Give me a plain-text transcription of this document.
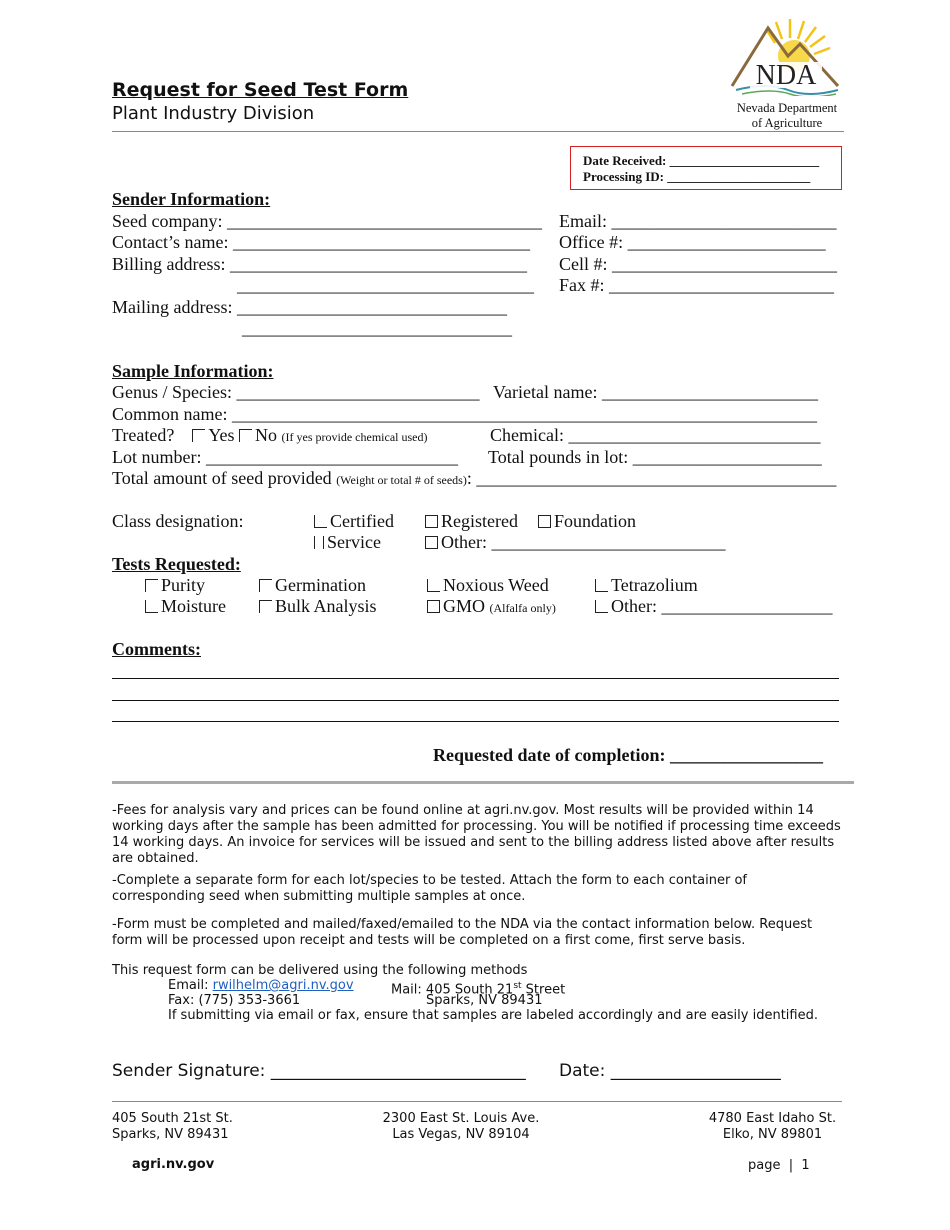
Request for Seed Test Form
Plant Industry Division
NDA
Nevada Department
of Agriculture
Date Received: _______________________
Processing ID: ______________________
Sender Information:
Seed company: ___________________________________
Contact’s name: _________________________________
Billing address: _________________________________
_________________________________
Mailing address: ______________________________
______________________________
Email: _________________________
Office #: ______________________
Cell #: _________________________
Fax #: _________________________
Sample Information:
Genus / Species: ___________________________ Varietal name: ________________________
Common name: _________________________________________________________________
Treated? Yes No (If yes provide chemical used)	Chemical: ____________________________
Lot number: ____________________________ Total pounds in lot: _____________________
Total amount of seed provided (Weight or total # of seeds): ________________________________________
Class designation:	Certified	Registered	Foundation
Service	Other: __________________________
Tests Requested:
Purity	Germination	Noxious Weed	Tetrazolium
Moisture	Bulk Analysis	GMO (Alfalfa only)	Other: ___________________
Comments:
Requested date of completion: _________________
-Fees for analysis vary and prices can be found online at agri.nv.gov. Most results will be provided within 14 working days after the sample has been admitted for processing. You will be notified if processing time exceeds 14 working days. An invoice for services will be issued and sent to the billing address listed above after results are obtained.
-Complete a separate form for each lot/species to be tested. Attach the form to each container of corresponding seed when submitting multiple samples at once.
-Form must be completed and mailed/faxed/emailed to the NDA via the contact information below. Request form will be processed upon receipt and tests will be completed on a first come, first serve basis.
This request form can be delivered using the following methods
Email: rwilhelm@agri.nv.gov	Mail: 405 South 21st Street
Fax: (775) 353-3661	Sparks, NV 89431
If submitting via email or fax, ensure that samples are labeled accordingly and are easily identified.
Sender Signature: ______________________________ Date: ____________________
405 South 21st St.
Sparks, NV 89431
2300 East St. Louis Ave.
Las Vegas, NV 89104
4780 East Idaho St.
Elko, NV 89801
agri.nv.gov	page  |  1
